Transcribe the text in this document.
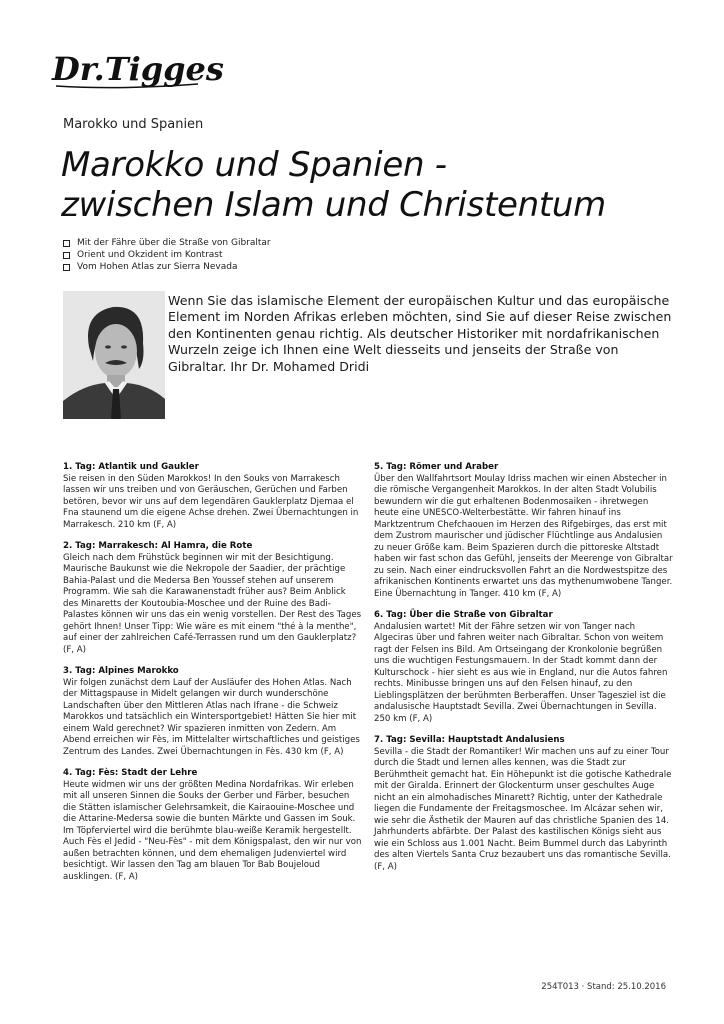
Dr.Tigges
Marokko und Spanien
Marokko und Spanien -
zwischen Islam und Christentum
Mit der Fähre über die Straße von Gibraltar
Orient und Okzident im Kontrast
Vom Hohen Atlas zur Sierra Nevada

Wenn Sie das islamische Element der europäischen Kultur und das europäische Element im Norden Afrikas erleben möchten, sind Sie auf dieser Reise zwischen den Kontinenten genau richtig. Als deutscher Historiker mit nordafrikanischen Wurzeln zeige ich Ihnen eine Welt diesseits und jenseits der Straße von Gibraltar. Ihr Dr. Mohamed Dridi

1. Tag: Atlantik und Gaukler

Sie reisen in den Süden Marokkos! In den Souks von Marrakesch lassen wir uns treiben und von Geräuschen, Gerüchen und Farben betören, bevor wir uns auf dem legendären Gauklerplatz Djemaa el Fna staunend um die eigene Achse drehen. Zwei Übernachtungen in Marrakesch. 210 km (F, A)

2. Tag: Marrakesch: Al Hamra, die Rote

Gleich nach dem Frühstück beginnen wir mit der Besichtigung. Maurische Baukunst wie die Nekropole der Saadier, der prächtige Bahia-Palast und die Medersa Ben Youssef stehen auf unserem Programm. Wie sah die Karawanenstadt früher aus? Beim Anblick des Minaretts der Koutoubia-Moschee und der Ruine des Badi-Palastes können wir uns das ein wenig vorstellen. Der Rest des Tages gehört Ihnen! Unser Tipp: Wie wäre es mit einem "thé à la menthe", auf einer der zahlreichen Café-Terrassen rund um den Gauklerplatz? (F, A)

3. Tag: Alpines Marokko

Wir folgen zunächst dem Lauf der Ausläufer des Hohen Atlas. Nach der Mittagspause in Midelt gelangen wir durch wunderschöne Landschaften über den Mittleren Atlas nach Ifrane - die Schweiz Marokkos und tatsächlich ein Wintersportgebiet! Hätten Sie hier mit einem Wald gerechnet? Wir spazieren inmitten von Zedern. Am Abend erreichen wir Fès, im Mittelalter wirtschaftliches und geistiges Zentrum des Landes. Zwei Übernachtungen in Fès. 430 km (F, A)

4. Tag: Fès: Stadt der Lehre

Heute widmen wir uns der größten Medina Nordafrikas. Wir erleben mit all unseren Sinnen die Souks der Gerber und Färber, besuchen die Stätten islamischer Gelehrsamkeit, die Kairaouine-Moschee und die Attarine-Medersa sowie die bunten Märkte und Gassen im Souk. Im Töpferviertel wird die berühmte blau-weiße Keramik hergestellt. Auch Fès el Jedid - "Neu-Fès" - mit dem Königspalast, den wir nur von außen betrachten können, und dem ehemaligen Judenviertel wird besichtigt. Wir lassen den Tag am blauen Tor Bab Boujeloud ausklingen. (F, A)

5. Tag: Römer und Araber

Über den Wallfahrtsort Moulay Idriss machen wir einen Abstecher in die römische Vergangenheit Marokkos. In der alten Stadt Volubilis bewundern wir die gut erhaltenen Bodenmosaiken - ihretwegen heute eine UNESCO-Welterbestätte. Wir fahren hinauf ins Marktzentrum Chefchaouen im Herzen des Rifgebirges, das erst mit dem Zustrom maurischer und jüdischer Flüchtlinge aus Andalusien zu neuer Größe kam. Beim Spazieren durch die pittoreske Altstadt haben wir fast schon das Gefühl, jenseits der Meerenge von Gibraltar zu sein. Nach einer eindrucksvollen Fahrt an die Nordwestspitze des afrikanischen Kontinents erwartet uns das mythenumwobene Tanger. Eine Übernachtung in Tanger. 410 km (F, A)

6. Tag: Über die Straße von Gibraltar

Andalusien wartet! Mit der Fähre setzen wir von Tanger nach Algeciras über und fahren weiter nach Gibraltar. Schon von weitem ragt der Felsen ins Bild. Am Ortseingang der Kronkolonie begrüßen uns die wuchtigen Festungsmauern. In der Stadt kommt dann der Kulturschock - hier sieht es aus wie in England, nur die Autos fahren rechts. Minibusse bringen uns auf den Felsen hinauf, zu den Lieblingsplätzen der berühmten Berberaffen. Unser Tagesziel ist die andalusische Hauptstadt Sevilla. Zwei Übernachtungen in Sevilla. 250 km (F, A)

7. Tag: Sevilla: Hauptstadt Andalusiens

Sevilla - die Stadt der Romantiker! Wir machen uns auf zu einer Tour durch die Stadt und lernen alles kennen, was die Stadt zur Berühmtheit gemacht hat. Ein Höhepunkt ist die gotische Kathedrale mit der Giralda. Erinnert der Glockenturm unser geschultes Auge nicht an ein almohadisches Minarett? Richtig, unter der Kathedrale liegen die Fundamente der Freitagsmoschee. Im Alcázar sehen wir, wie sehr die Ästhetik der Mauren auf das christliche Spanien des 14. Jahrhunderts abfärbte. Der Palast des kastilischen Königs sieht aus wie ein Schloss aus 1.001 Nacht. Beim Bummel durch das Labyrinth des alten Viertels Santa Cruz bezaubert uns das romantische Sevilla. (F, A)

254T013 · Stand: 25.10.2016
